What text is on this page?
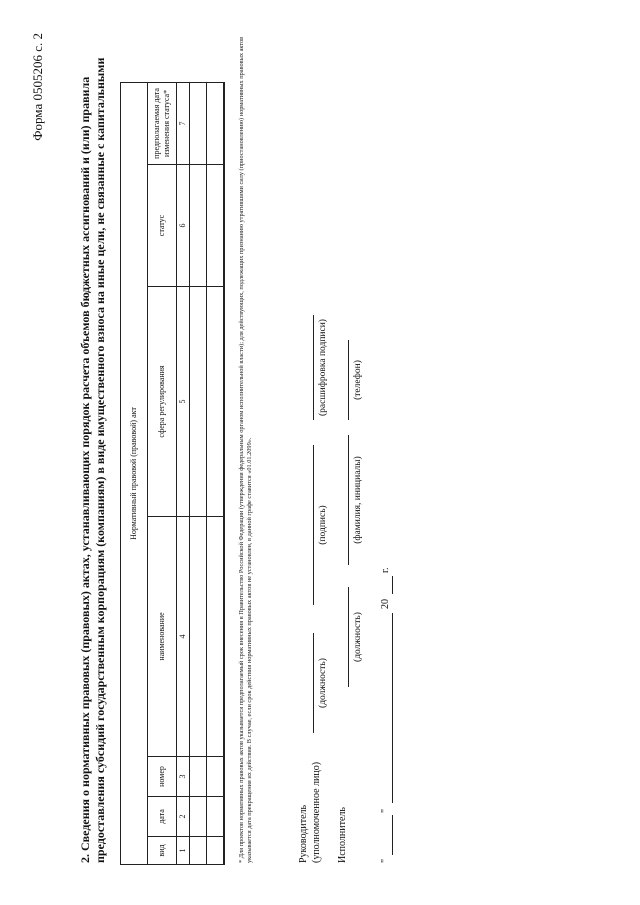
Форма 0505206 с. 2	2. Сведения о нормативных правовых (правовых) актах, устанавливающих порядок расчета объемов бюджетных ассигнований и (или) правила предоставления субсидий государственным корпорациям (компаниям) в виде имущественного взноса на иные цели, не связанные с капитальными	Нормативный правовой (правовой) акт						
вид	дата	номер	наименование	сфера регулирования	статус	предполагаемая дата изменения статуса*
1	2	3	4	5	6	7

							* Для проектов нормативных правовых актов указывается предполагаемый срок внесения в Правительство Российской Федерации (утверждения федеральным органом исполнительной власти); для действующих, подлежащих признанию утратившими силу (приостановлению) нормативных правовых актов указывается дата прекращения их действия. В случае, если срок действия нормативных правовых актов не установлен, в данной графе ставится «01.01.2099».	Руководитель (уполномоченное лицо)
(должность)
(подпись)
(расшифровка подписи)
Исполнитель
(должность)
(фамилия, инициалы)
(телефон)
"
"
20
г.
